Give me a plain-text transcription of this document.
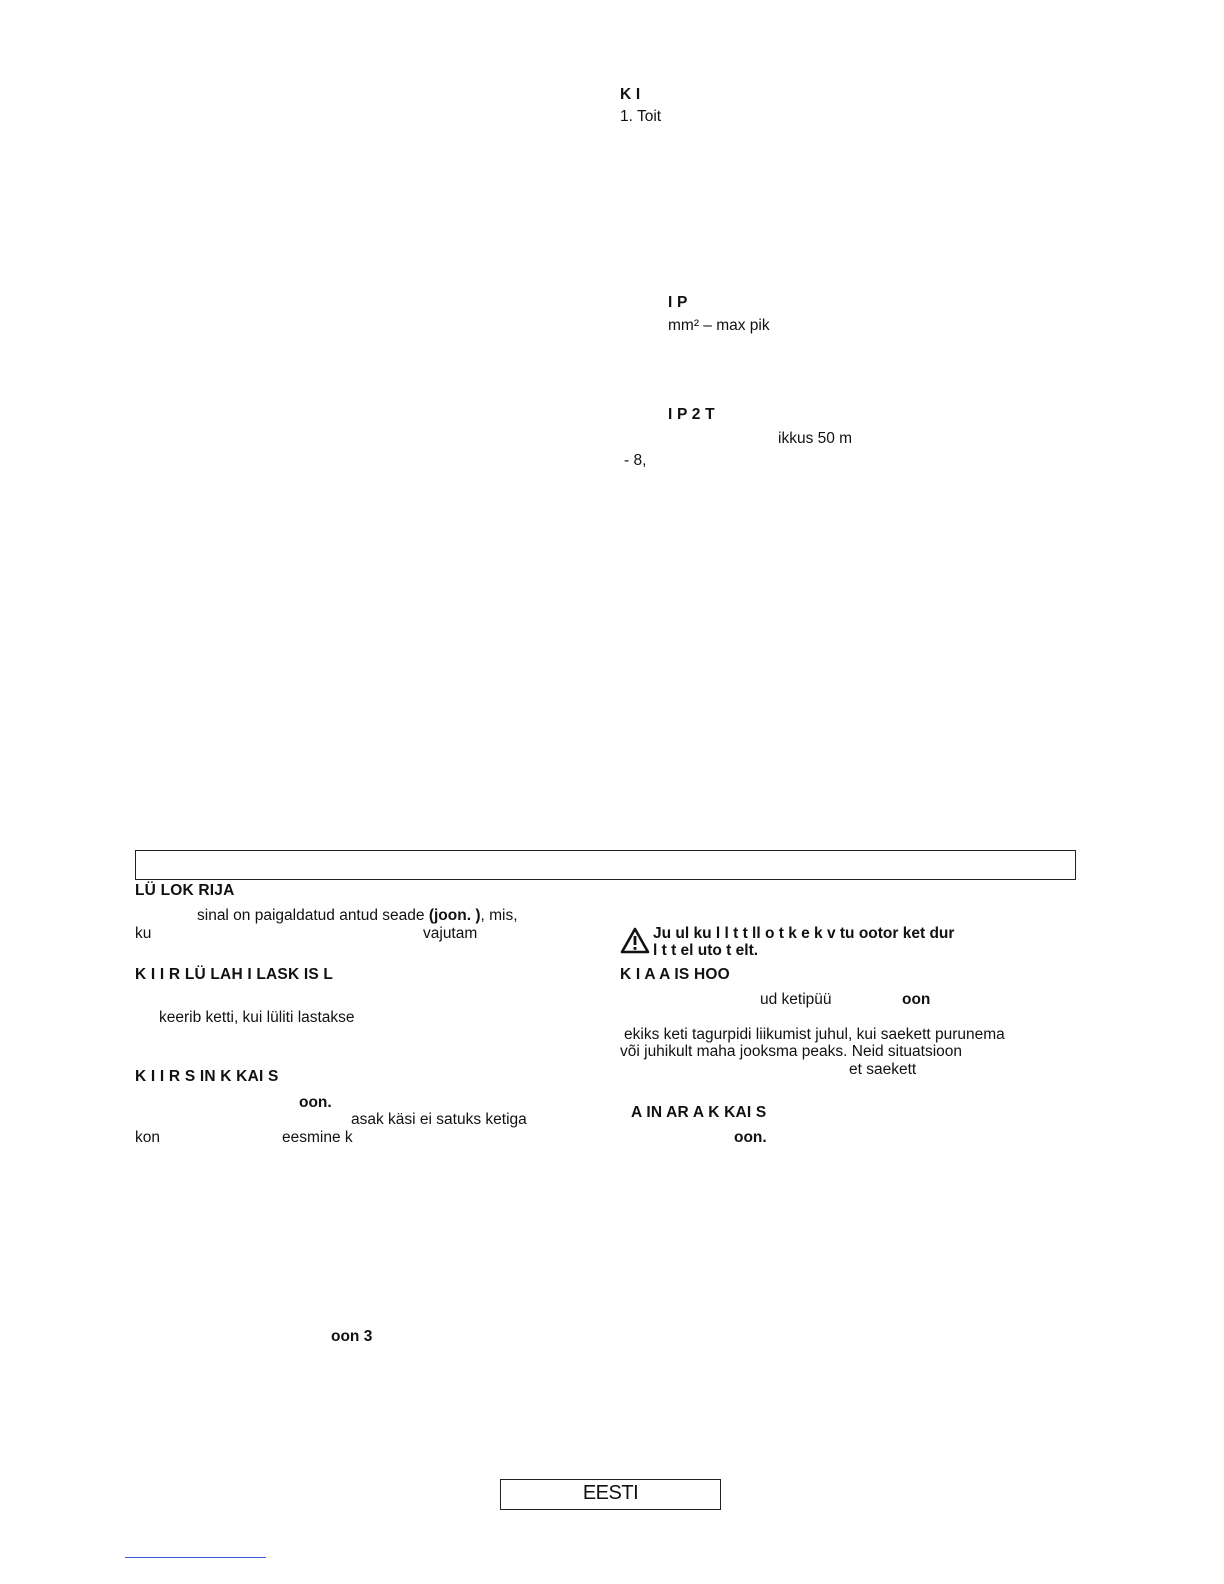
K I
1. Toit
I P
mm² – max pik
I P 2 T
ikkus 50 m
- 8,
LÜ LOK RIJA
sinal on paigaldatud antud seade (joon. ), mis,
ku	vajutam
K I I R LÜ LAH I LASK IS L
keerib ketti, kui lüliti lastakse
K I I R S IN K KAI S
oon.
asak käsi ei satuks ketiga
kon	eesmine k
oon 3
Ju ul ku l l t t ll o t k e k v tu ootor ket dur
l t t el uto t elt.
K I A A IS HOO
ud ketipüü	oon
ekiks keti tagurpidi liikumist juhul, kui saekett purunema
või juhikult maha jooksma peaks. Neid situatsioon
et saekett
A IN AR A K KAI S
oon.
EESTI
